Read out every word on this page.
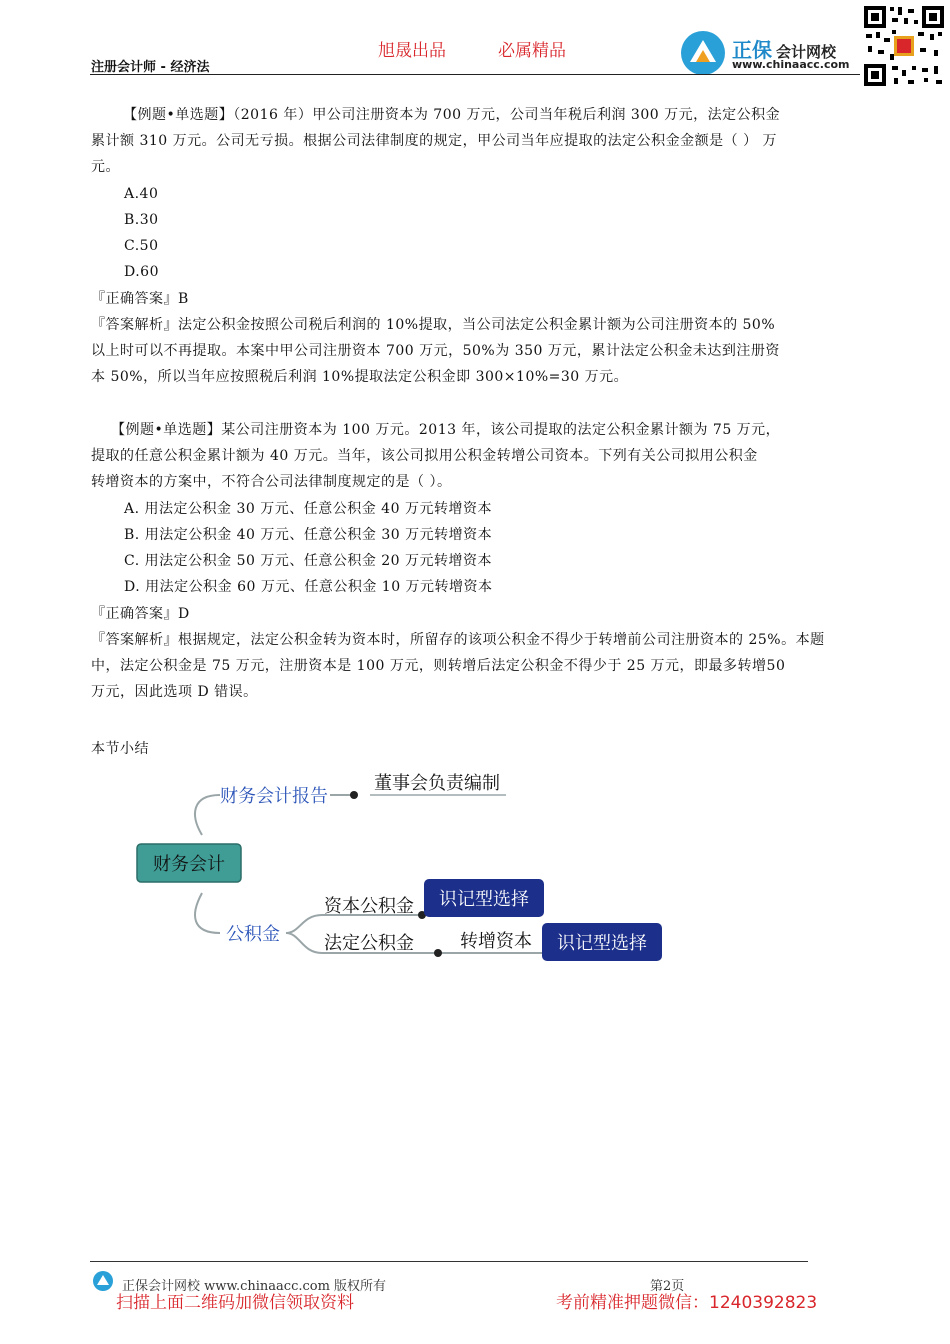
注册会计师 - 经济法
旭晟出品	必属精品	正保 会计网校
www.chinaacc.com
【例题•单选题】（2016 年）甲公司注册资本为 700 万元，公司当年税后利润 300 万元，法定公积金
累计额 310 万元。公司无亏损。根据公司法律制度的规定，甲公司当年应提取的法定公积金金额是（ ） 万
元。
A.40
B.30
C.50
D.60
『正确答案』B
『答案解析』法定公积金按照公司税后利润的 10%提取，当公司法定公积金累计额为公司注册资本的 50%
以上时可以不再提取。本案中甲公司注册资本 700 万元，50%为 350 万元，累计法定公积金未达到注册资
本 50%，所以当年应按照税后利润 10%提取法定公积金即 300×10%=30 万元。
【例题•单选题】某公司注册资本为 100 万元。2013 年，该公司提取的法定公积金累计额为 75 万元，
提取的任意公积金累计额为 40 万元。当年，该公司拟用公积金转增公司资本。下列有关公司拟用公积金
转增资本的方案中，不符合公司法律制度规定的是（ ）。
A. 用法定公积金 30 万元、任意公积金 40 万元转增资本
B. 用法定公积金 40 万元、任意公积金 30 万元转增资本
C. 用法定公积金 50 万元、任意公积金 20 万元转增资本
D. 用法定公积金 60 万元、任意公积金 10 万元转增资本
『正确答案』D
『答案解析』根据规定，法定公积金转为资本时，所留存的该项公积金不得少于转增前公司注册资本的 25%。本题
中，法定公积金是 75 万元，注册资本是 100 万元，则转增后法定公积金不得少于 25 万元，即最多转增50
万元，因此选项 D 错误。
本节小结
财务会计
财务会计报告
董事会负责编制
公积金
资本公积金 识记型选择
法定公积金	转增资本 识记型选择
正保会计网校 www.chinaacc.com 版权所有	第2页
扫描上面二维码加微信领取资料	考前精准押题微信：1240392823
